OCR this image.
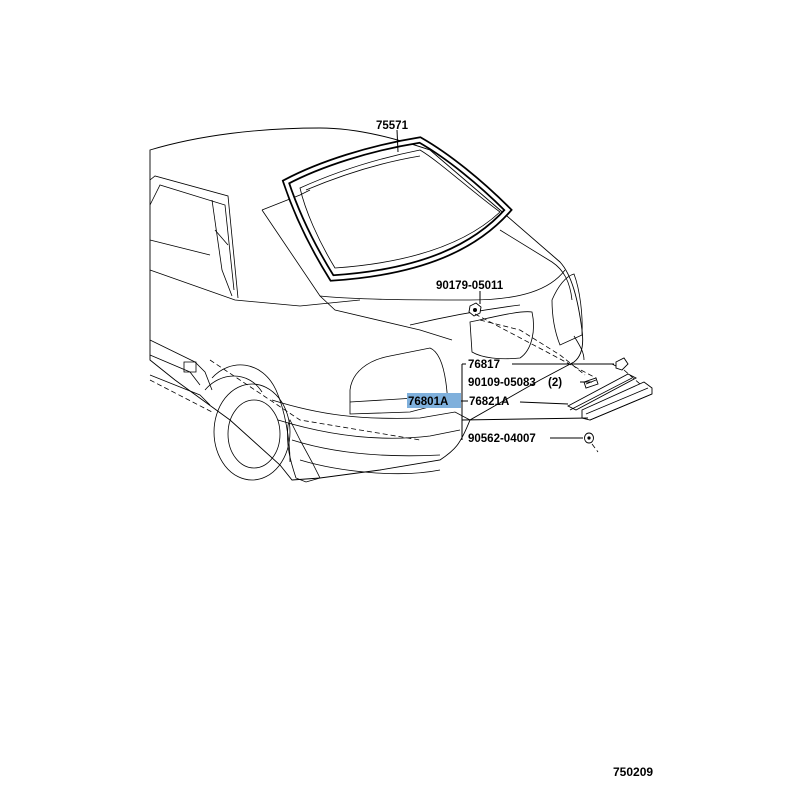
75571
90179-05011
76817
90109-05083 (2)
76801A 76821A
90562-04007
750209
